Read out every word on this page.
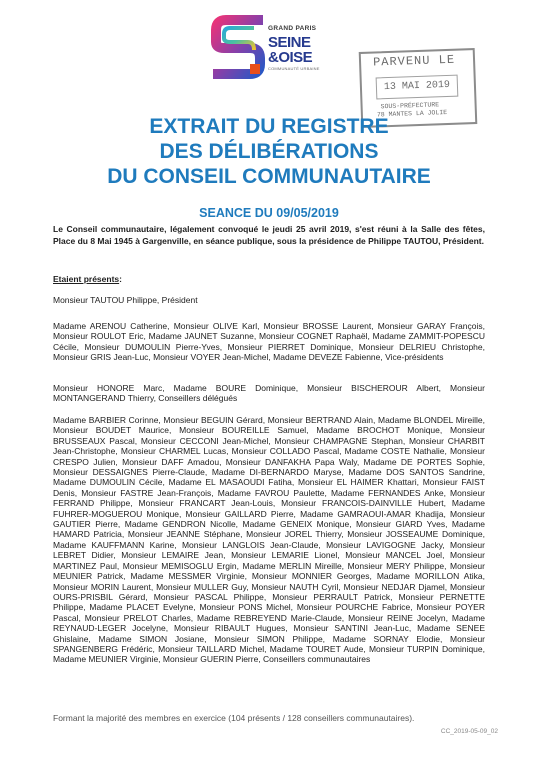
GRAND PARIS
SEINE
&OISE
COMMUNAUTÉ URBAINE	PARVENU LE
13 MAI 2019
SOUS-PRÉFECTURE
78 MANTES LA JOLIE
EXTRAIT DU REGISTRE
DES DÉLIBÉRATIONS
DU CONSEIL COMMUNAUTAIRE
SEANCE DU 09/05/2019
Le Conseil communautaire, légalement convoqué le jeudi 25 avril 2019, s'est réuni à la Salle des fêtes, Place du 8 Mai 1945 à Gargenville, en séance publique, sous la présidence de Philippe TAUTOU, Président.
Etaient présents:
Monsieur TAUTOU Philippe, Président
Madame ARENOU Catherine, Monsieur OLIVE Karl, Monsieur BROSSE Laurent, Monsieur GARAY François, Monsieur ROULOT Eric, Madame JAUNET Suzanne, Monsieur COGNET Raphaël, Madame ZAMMIT-POPESCU Cécile, Monsieur DUMOULIN Pierre-Yves, Monsieur PIERRET Dominique, Monsieur DELRIEU Christophe, Monsieur GRIS Jean-Luc, Monsieur VOYER Jean-Michel, Madame DEVEZE Fabienne, Vice-présidents
Monsieur HONORE Marc, Madame BOURE Dominique, Monsieur BISCHEROUR Albert, Monsieur MONTANGERAND Thierry, Conseillers délégués
Madame BARBIER Corinne, Monsieur BEGUIN Gérard, Monsieur BERTRAND Alain, Madame BLONDEL Mireille, Monsieur BOUDET Maurice, Monsieur BOUREILLE Samuel, Madame BROCHOT Monique, Monsieur BRUSSEAUX Pascal, Monsieur CECCONI Jean-Michel, Monsieur CHAMPAGNE Stephan, Monsieur CHARBIT Jean-Christophe, Monsieur CHARMEL Lucas, Monsieur COLLADO Pascal, Madame COSTE Nathalie, Monsieur CRESPO Julien, Monsieur DAFF Amadou, Monsieur DANFAKHA Papa Waly, Madame DE PORTES Sophie, Monsieur DESSAIGNES Pierre-Claude, Madame DI-BERNARDO Maryse, Madame DOS SANTOS Sandrine, Madame DUMOULIN Cécile, Madame EL MASAOUDI Fatiha, Monsieur EL HAIMER Khattari, Monsieur FAIST Denis, Monsieur FASTRE Jean-François, Madame FAVROU Paulette, Madame FERNANDES Anke, Monsieur FERRAND Philippe, Monsieur FRANCART Jean-Louis, Monsieur FRANCOIS-DAINVILLE Hubert, Madame FUHRER-MOGUEROU Monique, Monsieur GAILLARD Pierre, Madame GAMRAOUI-AMAR Khadija, Monsieur GAUTIER Pierre, Madame GENDRON Nicolle, Madame GENEIX Monique, Monsieur GIARD Yves, Madame HAMARD Patricia, Monsieur JEANNE Stéphane, Monsieur JOREL Thierry, Monsieur JOSSEAUME Dominique, Madame KAUFFMANN Karine, Monsieur LANGLOIS Jean-Claude, Monsieur LAVIGOGNE Jacky, Monsieur LEBRET Didier, Monsieur LEMAIRE Jean, Monsieur LEMARIE Lionel, Monsieur MANCEL Joel, Monsieur MARTINEZ Paul, Monsieur MEMISOGLU Ergin, Madame MERLIN Mireille, Monsieur MERY Philippe, Monsieur MEUNIER Patrick, Madame MESSMER Virginie, Monsieur MONNIER Georges, Madame MORILLON Atika, Monsieur MORIN Laurent, Monsieur MULLER Guy, Monsieur NAUTH Cyril, Monsieur NEDJAR Djamel, Monsieur OURS-PRISBIL Gérard, Monsieur PASCAL Philippe, Monsieur PERRAULT Patrick, Monsieur PERNETTE Philippe, Madame PLACET Evelyne, Monsieur PONS Michel, Monsieur POURCHE Fabrice, Monsieur POYER Pascal, Monsieur PRELOT Charles, Madame REBREYEND Marie-Claude, Monsieur REINE Jocelyn, Madame REYNAUD-LEGER Jocelyne, Monsieur RIBAULT Hugues, Monsieur SANTINI Jean-Luc, Madame SENEE Ghislaine, Madame SIMON Josiane, Monsieur SIMON Philippe, Madame SORNAY Elodie, Monsieur SPANGENBERG Frédéric, Monsieur TAILLARD Michel, Madame TOURET Aude, Monsieur TURPIN Dominique, Madame MEUNIER Virginie, Monsieur GUERIN Pierre, Conseillers communautaires
Formant la majorité des membres en exercice (104 présents / 128 conseillers communautaires).
CC_2019-05-09_02
